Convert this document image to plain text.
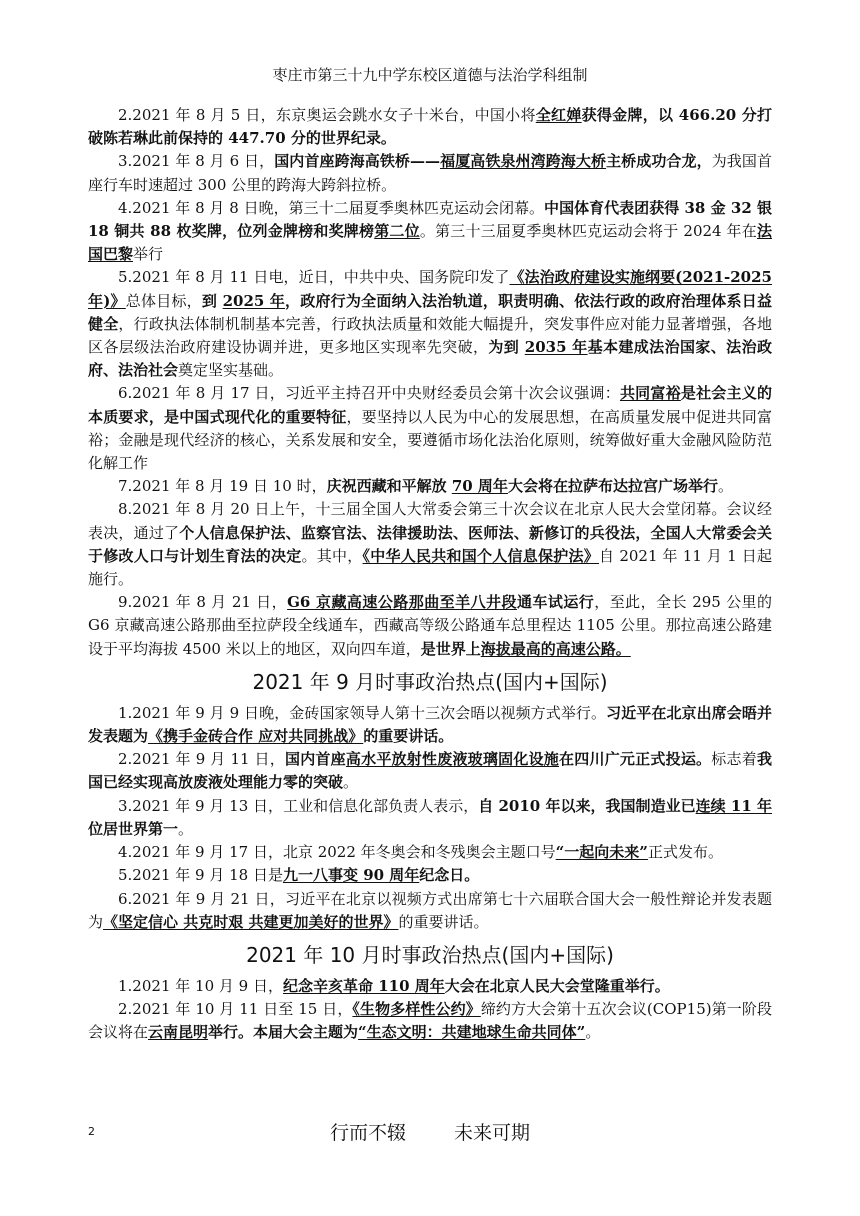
枣庄市第三十九中学东校区道德与法治学科组制

2.2021 年 8 月 5 日，东京奥运会跳水女子十米台，中国小将全红婵获得金牌，以 466.20 分打破陈若琳此前保持的 447.70 分的世界纪录。

3.2021 年 8 月 6 日，国内首座跨海高铁桥——福厦高铁泉州湾跨海大桥主桥成功合龙，为我国首座行车时速超过 300 公里的跨海大跨斜拉桥。

4.2021 年 8 月 8 日晚，第三十二届夏季奥林匹克运动会闭幕。中国体育代表团获得 38 金 32 银 18 铜共 88 枚奖牌，位列金牌榜和奖牌榜第二位。第三十三届夏季奥林匹克运动会将于 2024 年在法国巴黎举行

5.2021 年 8 月 11 日电，近日，中共中央、国务院印发了《法治政府建设实施纲要(2021-2025 年)》总体目标，到 2025 年，政府行为全面纳入法治轨道，职责明确、依法行政的政府治理体系日益健全，行政执法体制机制基本完善，行政执法质量和效能大幅提升，突发事件应对能力显著增强，各地区各层级法治政府建设协调并进，更多地区实现率先突破，为到 2035 年基本建成法治国家、法治政府、法治社会奠定坚实基础。

6.2021 年 8 月 17 日，习近平主持召开中央财经委员会第十次会议强调：共同富裕是社会主义的本质要求，是中国式现代化的重要特征，要坚持以人民为中心的发展思想，在高质量发展中促进共同富裕；金融是现代经济的核心，关系发展和安全，要遵循市场化法治化原则，统筹做好重大金融风险防范化解工作

7.2021 年 8 月 19 日 10 时，庆祝西藏和平解放 70 周年大会将在拉萨布达拉宫广场举行。

8.2021 年 8 月 20 日上午，十三届全国人大常委会第三十次会议在北京人民大会堂闭幕。会议经表决，通过了个人信息保护法、监察官法、法律援助法、医师法、新修订的兵役法，全国人大常委会关于修改人口与计划生育法的决定。其中，《中华人民共和国个人信息保护法》自 2021 年 11 月 1 日起施行。

9.2021 年 8 月 21 日，G6 京藏高速公路那曲至羊八井段通车试运行，至此，全长 295 公里的 G6 京藏高速公路那曲至拉萨段全线通车，西藏高等级公路通车总里程达 1105 公里。那拉高速公路建设于平均海拔 4500 米以上的地区，双向四车道，是世界上海拔最高的高速公路。

2021 年 9 月时事政治热点(国内+国际)

1.2021 年 9 月 9 日晚，金砖国家领导人第十三次会晤以视频方式举行。习近平在北京出席会晤并发表题为《携手金砖合作 应对共同挑战》的重要讲话。

2.2021 年 9 月 11 日，国内首座高水平放射性废液玻璃固化设施在四川广元正式投运。标志着我国已经实现高放废液处理能力零的突破。

3.2021 年 9 月 13 日，工业和信息化部负责人表示，自 2010 年以来，我国制造业已连续 11 年位居世界第一。

4.2021 年 9 月 17 日，北京 2022 年冬奥会和冬残奥会主题口号“一起向未来”正式发布。

5.2021 年 9 月 18 日是九一八事变 90 周年纪念日。

6.2021 年 9 月 21 日，习近平在北京以视频方式出席第七十六届联合国大会一般性辩论并发表题为《坚定信心 共克时艰 共建更加美好的世界》的重要讲话。

2021 年 10 月时事政治热点(国内+国际)

1.2021 年 10 月 9 日，纪念辛亥革命 110 周年大会在北京人民大会堂隆重举行。

2.2021 年 10 月 11 日至 15 日，《生物多样性公约》缔约方大会第十五次会议(COP15)第一阶段会议将在云南昆明举行。本届大会主题为“生态文明：共建地球生命共同体”。

2	行而不辍	未来可期
